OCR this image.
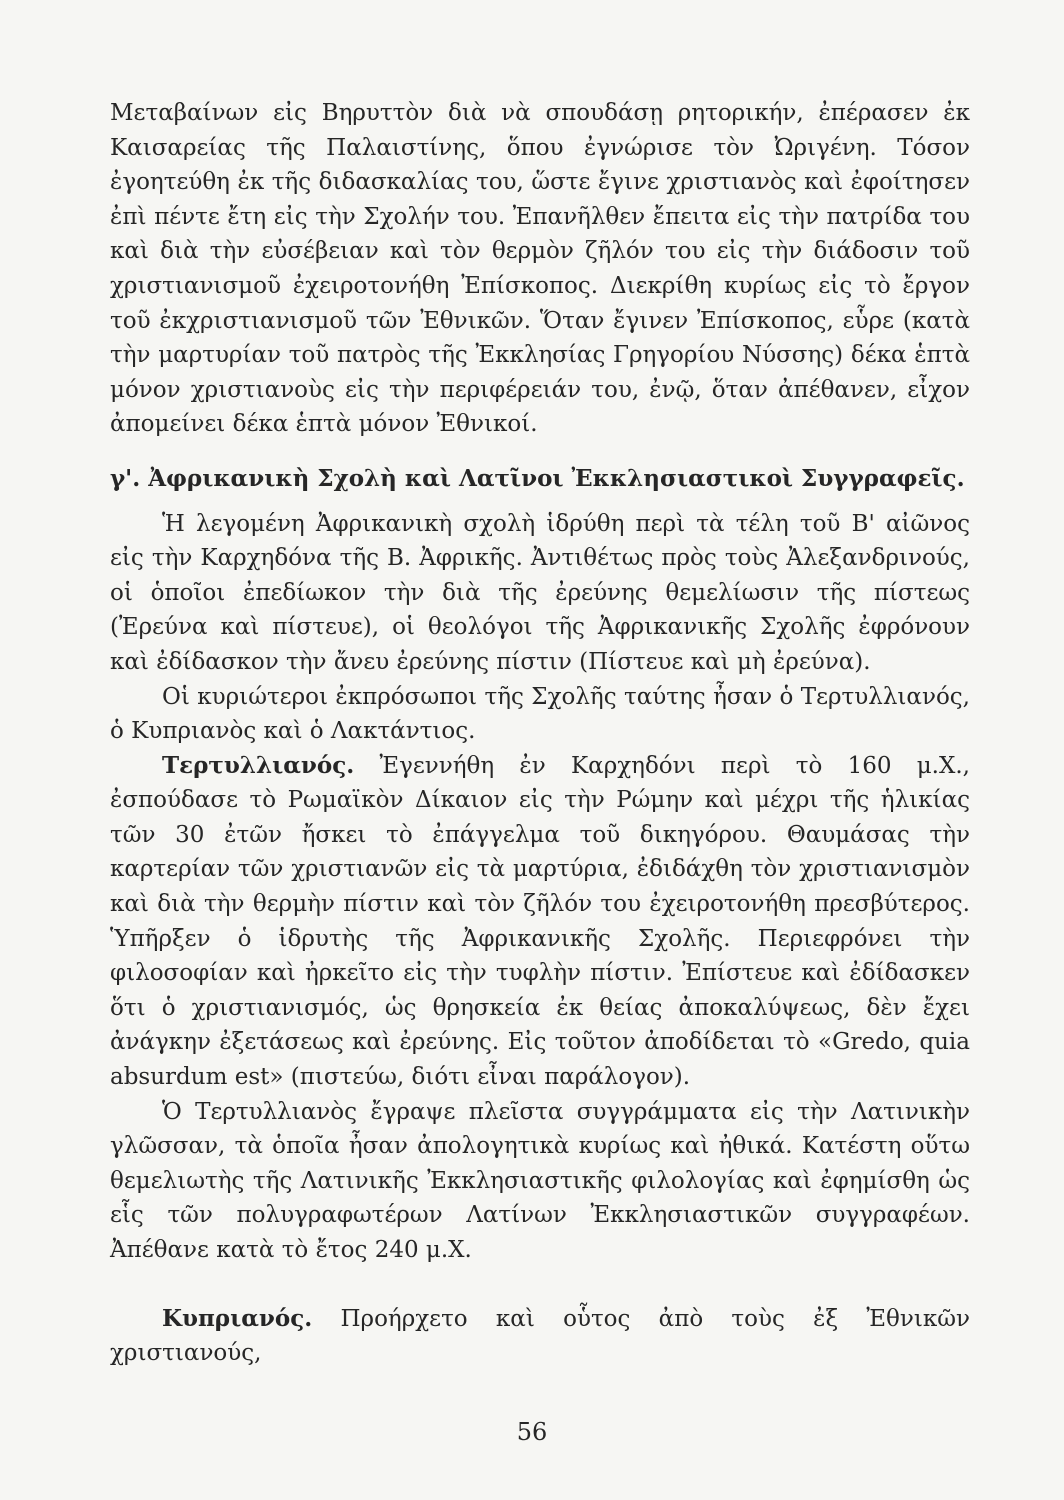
Μεταβαίνων εἰς Βηρυττὸν διὰ νὰ σπουδάσῃ ρητορικήν, ἐπέρασεν ἐκ Καισαρείας τῆς Παλαιστίνης, ὅπου ἐγνώρισε τὸν Ὠριγένη. Τόσον ἐγοητεύθη ἐκ τῆς διδασκαλίας του, ὥστε ἔγινε χριστιανὸς καὶ ἐφοίτησεν ἐπὶ πέντε ἔτη εἰς τὴν Σχολήν του. Ἐπανῆλθεν ἔπειτα εἰς τὴν πατρίδα του καὶ διὰ τὴν εὐσέβειαν καὶ τὸν θερμὸν ζῆλόν του εἰς τὴν διάδοσιν τοῦ χριστιανισμοῦ ἐχειροτονήθη Ἐπίσκοπος. Διεκρίθη κυρίως εἰς τὸ ἔργον τοῦ ἐκχριστιανισμοῦ τῶν Ἐθνικῶν. Ὅταν ἔγινεν Ἐπίσκοπος, εὗρε (κατὰ τὴν μαρτυρίαν τοῦ πατρὸς τῆς Ἐκκλησίας Γρηγορίου Νύσσης) δέκα ἑπτὰ μόνον χριστιανοὺς εἰς τὴν περιφέρειάν του, ἐνῷ, ὅταν ἀπέθανεν, εἶχον ἀπομείνει δέκα ἑπτὰ μόνον Ἐθνικοί.

γ'. Ἀφρικανικὴ Σχολὴ καὶ Λατῖνοι Ἐκκλησιαστικοὶ Συγγραφεῖς.

Ἡ λεγομένη Ἀφρικανικὴ σχολὴ ἱδρύθη περὶ τὰ τέλη τοῦ Β' αἰῶνος εἰς τὴν Καρχηδόνα τῆς Β. Ἀφρικῆς. Ἀντιθέτως πρὸς τοὺς Ἀλεξανδρινούς, οἱ ὁποῖοι ἐπεδίωκον τὴν διὰ τῆς ἐρεύνης θεμελίωσιν τῆς πίστεως (Ἐρεύνα καὶ πίστευε), οἱ θεολόγοι τῆς Ἀφρικανικῆς Σχολῆς ἐφρόνουν καὶ ἐδίδασκον τὴν ἄνευ ἐρεύνης πίστιν (Πίστευε καὶ μὴ ἐρεύνα).

Οἱ κυριώτεροι ἐκπρόσωποι τῆς Σχολῆς ταύτης ἦσαν ὁ Τερτυλλιανός, ὁ Κυπριανὸς καὶ ὁ Λακτάντιος.

Τερτυλλιανός. Ἐγεννήθη ἐν Καρχηδόνι περὶ τὸ 160 μ.Χ., ἐσπούδασε τὸ Ρωμαϊκὸν Δίκαιον εἰς τὴν Ρώμην καὶ μέχρι τῆς ἡλικίας τῶν 30 ἐτῶν ἤσκει τὸ ἐπάγγελμα τοῦ δικηγόρου. Θαυμάσας τὴν καρτερίαν τῶν χριστιανῶν εἰς τὰ μαρτύρια, ἐδιδάχθη τὸν χριστιανισμὸν καὶ διὰ τὴν θερμὴν πίστιν καὶ τὸν ζῆλόν του ἐχειροτονήθη πρεσβύτερος. Ὑπῆρξεν ὁ ἱδρυτὴς τῆς Ἀφρικανικῆς Σχολῆς. Περιεφρόνει τὴν φιλοσοφίαν καὶ ἠρκεῖτο εἰς τὴν τυφλὴν πίστιν. Ἐπίστευε καὶ ἐδίδασκεν ὅτι ὁ χριστιανισμός, ὡς θρησκεία ἐκ θείας ἀποκαλύψεως, δὲν ἔχει ἀνάγκην ἐξετάσεως καὶ ἐρεύνης. Εἰς τοῦτον ἀποδίδεται τὸ «Gredo, quia absurdum est» (πιστεύω, διότι εἶναι παράλογον).

Ὁ Τερτυλλιανὸς ἔγραψε πλεῖστα συγγράμματα εἰς τὴν Λατινικὴν γλῶσσαν, τὰ ὁποῖα ἦσαν ἀπολογητικὰ κυρίως καὶ ἠθικά. Κατέστη οὕτω θεμελιωτὴς τῆς Λατινικῆς Ἐκκλησιαστικῆς φιλολογίας καὶ ἐφημίσθη ὡς εἷς τῶν πολυγραφωτέρων Λατίνων Ἐκκλησιαστικῶν συγγραφέων. Ἀπέθανε κατὰ τὸ ἔτος 240 μ.Χ.

Κυπριανός. Προήρχετο καὶ οὗτος ἀπὸ τοὺς ἐξ Ἐθνικῶν χριστιανούς,

56
